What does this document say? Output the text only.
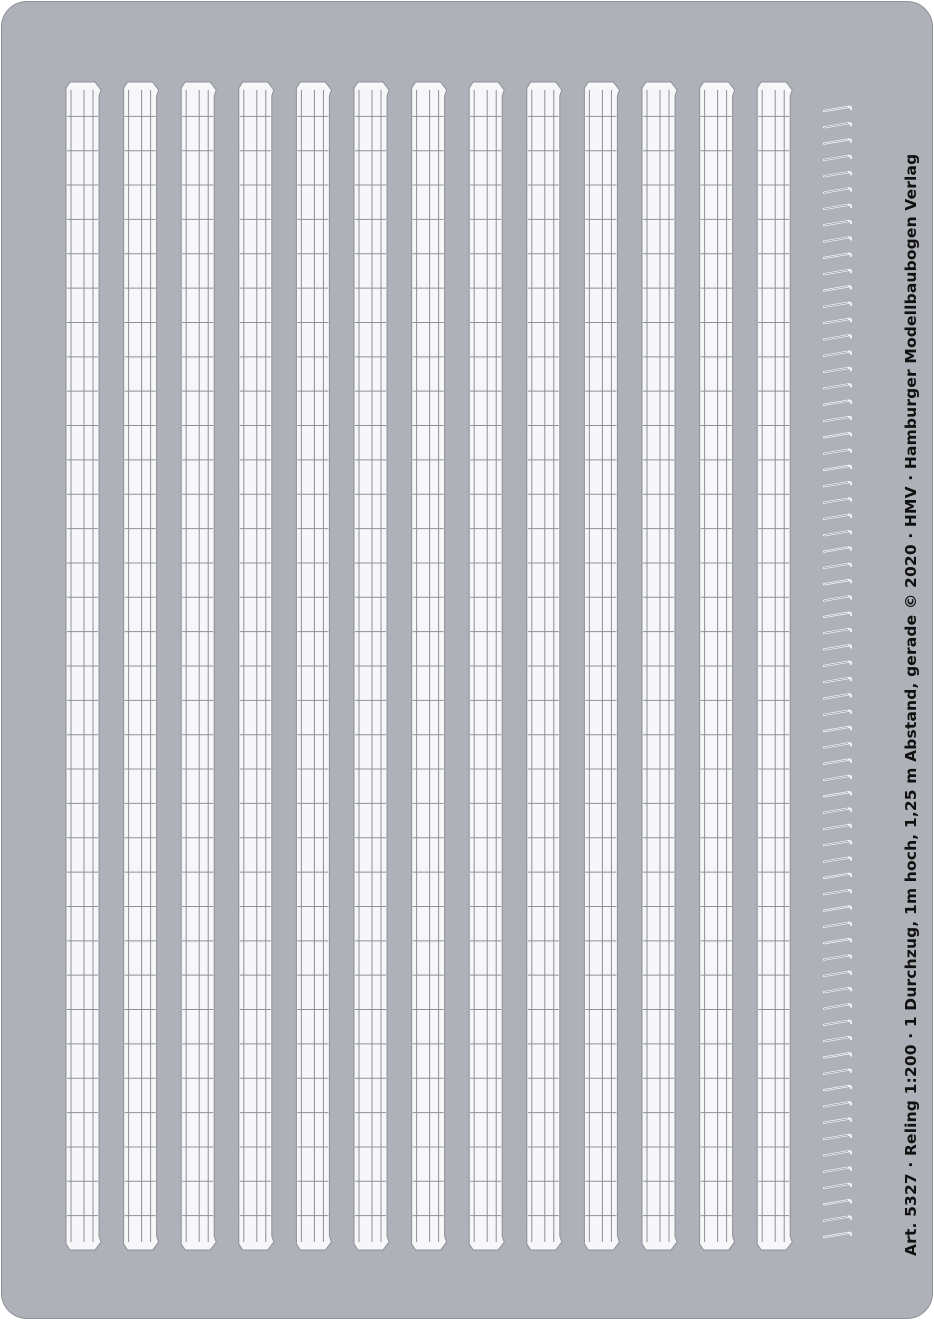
Art. 5327 · Reling 1:200 · 1 Durchzug, 1m hoch, 1,25 m Abstand, gerade © 2020 · HMV · Hamburger Modellbaubogen Verlag
